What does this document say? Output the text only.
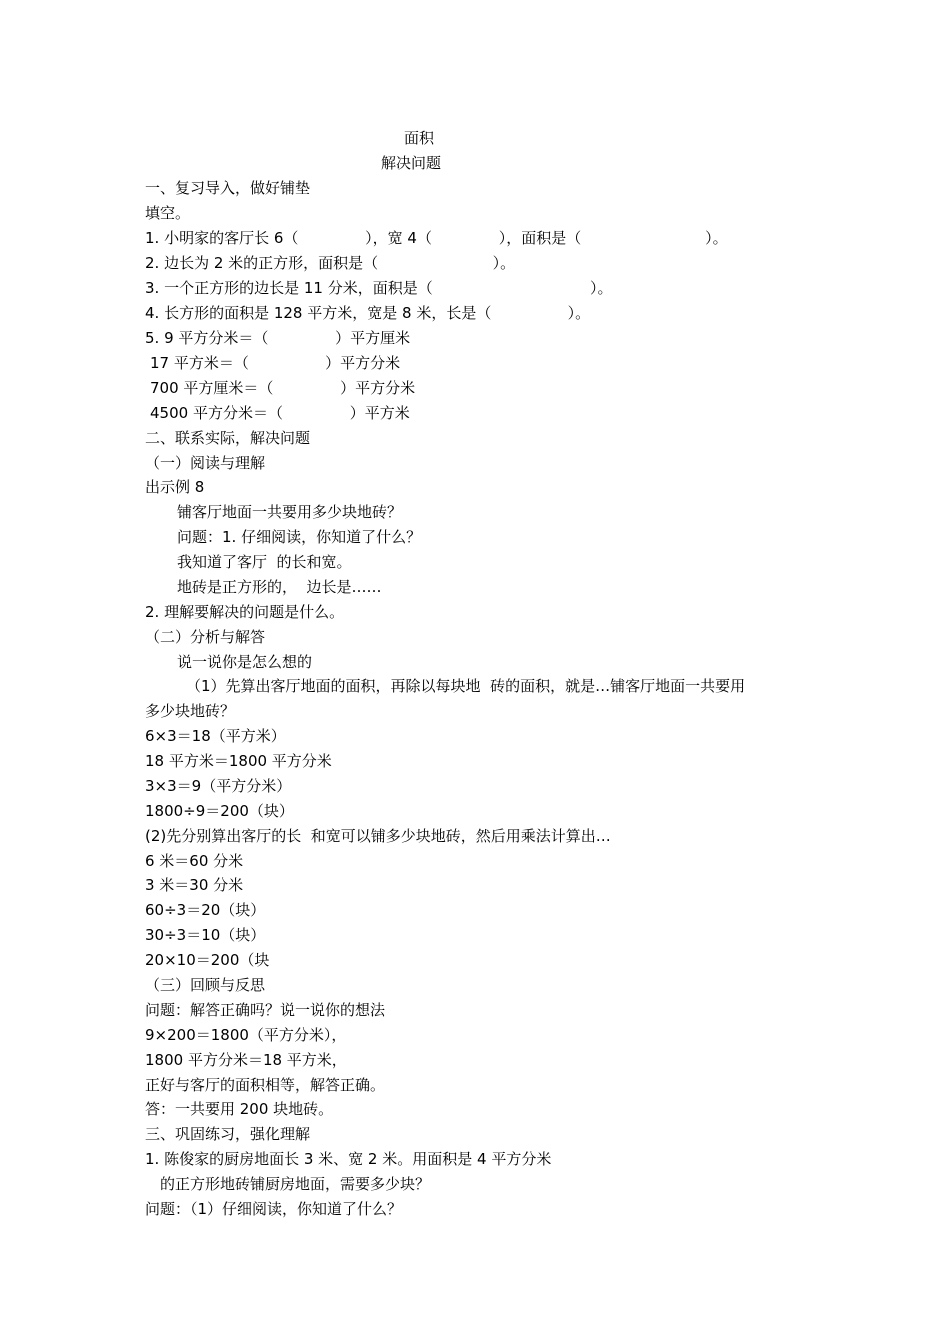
面积
解决问题
一、复习导入，做好铺垫
填空。
1. 小明家的客厅长 6（              ），宽 4（              ），面积是（                          ）。
2. 边长为 2 米的正方形，面积是（                        ）。
3. 一个正方形的边长是 11 分米，面积是（                                 ）。
4. 长方形的面积是 128 平方米，宽是 8 米，长是（                ）。
5. 9 平方分米＝（              ）平方厘米
17 平方米＝（                ）平方分米
700 平方厘米＝（              ）平方分米
4500 平方分米＝（              ）平方米
二、联系实际，解决问题
（一）阅读与理解
出示例 8
铺客厅地面一共要用多少块地砖？
问题：1. 仔细阅读，你知道了什么？
我知道了客厅  的长和宽。
地砖是正方形的，  边长是……
2. 理解要解决的问题是什么。
（二）分析与解答
说一说你是怎么想的
（1）先算出客厅地面的面积，再除以每块地  砖的面积，就是…铺客厅地面一共要用
多少块地砖？
6×3＝18（平方米）
18 平方米＝1800 平方分米
3×3＝9（平方分米）
1800÷9＝200（块）
(2)先分别算出客厅的长  和宽可以铺多少块地砖，然后用乘法计算出…
6 米＝60 分米
3 米＝30 分米
60÷3＝20（块）
30÷3＝10（块）
20×10＝200（块
（三）回顾与反思
问题：解答正确吗？说一说你的想法
9×200＝1800（平方分米），
1800 平方分米＝18 平方米，
正好与客厅的面积相等，解答正确。
答：一共要用 200 块地砖。
三、巩固练习，强化理解
1. 陈俊家的厨房地面长 3 米、宽 2 米。用面积是 4 平方分米
的正方形地砖铺厨房地面，需要多少块？
问题：（1）仔细阅读，你知道了什么？
